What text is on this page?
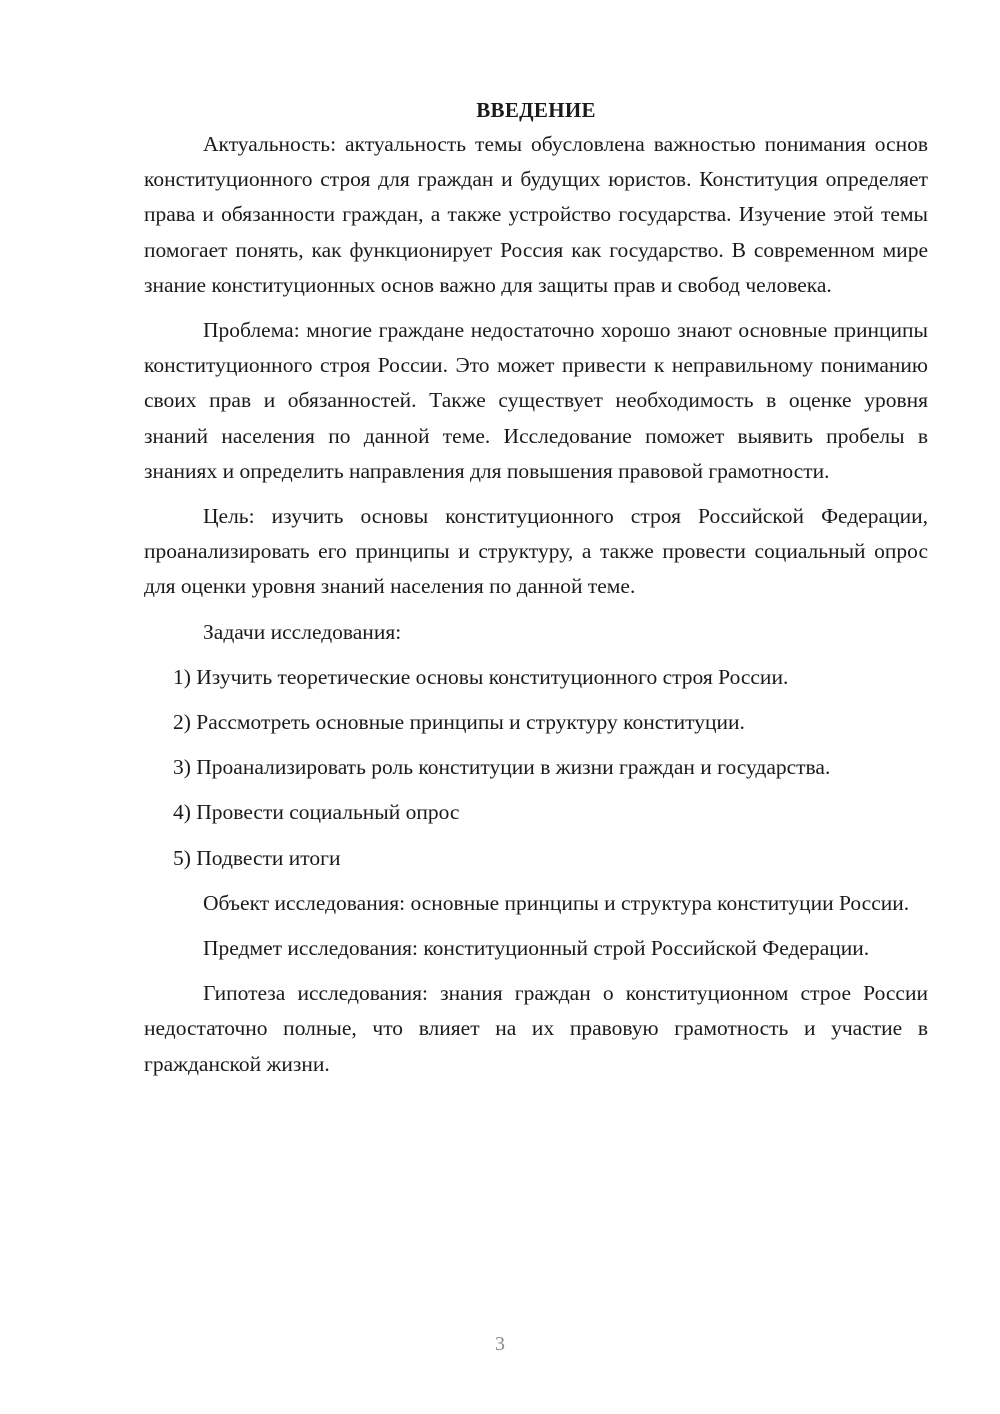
ВВЕДЕНИЕ

Актуальность: актуальность темы обусловлена важностью понимания основ конституционного строя для граждан и будущих юристов. Конституция определяет права и обязанности граждан, а также устройство государства. Изучение этой темы помогает понять, как функционирует Россия как государство. В современном мире знание конституционных основ важно для защиты прав и свобод человека.

Проблема: многие граждане недостаточно хорошо знают основные принципы конституционного строя России. Это может привести к неправильному пониманию своих прав и обязанностей. Также существует необходимость в оценке уровня знаний населения по данной теме. Исследование поможет выявить пробелы в знаниях и определить направления для повышения правовой грамотности.

Цель: изучить основы конституционного строя Российской Федерации, проанализировать его принципы и структуру, а также провести социальный опрос для оценки уровня знаний населения по данной теме.

Задачи исследования:

1) Изучить теоретические основы конституционного строя России.

2) Рассмотреть основные принципы и структуру конституции.

3) Проанализировать роль конституции в жизни граждан и государства.

4) Провести социальный опрос

5) Подвести итоги

Объект исследования: основные принципы и структура конституции России.

Предмет исследования: конституционный строй Российской Федерации.

Гипотеза исследования: знания граждан о конституционном строе России недостаточно полные, что влияет на их правовую грамотность и участие в гражданской жизни.

3
